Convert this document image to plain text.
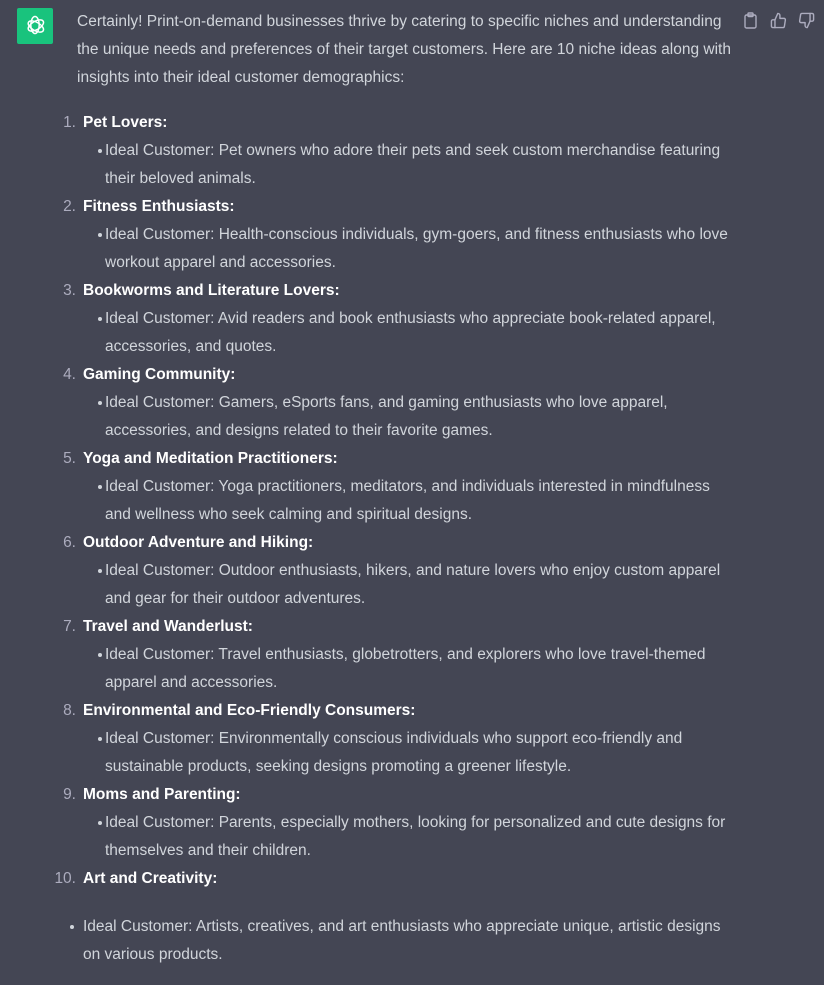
Certainly! Print-on-demand businesses thrive by catering to specific niches and understanding the unique needs and preferences of their target customers. Here are 10 niche ideas along with insights into their ideal customer demographics:

1. Pet Lovers:
Ideal Customer: Pet owners who adore their pets and seek custom merchandise featuring their beloved animals.
2. Fitness Enthusiasts:
Ideal Customer: Health-conscious individuals, gym-goers, and fitness enthusiasts who love workout apparel and accessories.
3. Bookworms and Literature Lovers:
Ideal Customer: Avid readers and book enthusiasts who appreciate book-related apparel, accessories, and quotes.
4. Gaming Community:
Ideal Customer: Gamers, eSports fans, and gaming enthusiasts who love apparel, accessories, and designs related to their favorite games.
5. Yoga and Meditation Practitioners:
Ideal Customer: Yoga practitioners, meditators, and individuals interested in mindfulness and wellness who seek calming and spiritual designs.
6. Outdoor Adventure and Hiking:
Ideal Customer: Outdoor enthusiasts, hikers, and nature lovers who enjoy custom apparel and gear for their outdoor adventures.
7. Travel and Wanderlust:
Ideal Customer: Travel enthusiasts, globetrotters, and explorers who love travel-themed apparel and accessories.
8. Environmental and Eco-Friendly Consumers:
Ideal Customer: Environmentally conscious individuals who support eco-friendly and sustainable products, seeking designs promoting a greener lifestyle.
9. Moms and Parenting:
Ideal Customer: Parents, especially mothers, looking for personalized and cute designs for themselves and their children.
10. Art and Creativity:
Ideal Customer: Artists, creatives, and art enthusiasts who appreciate unique, artistic designs on various products.
